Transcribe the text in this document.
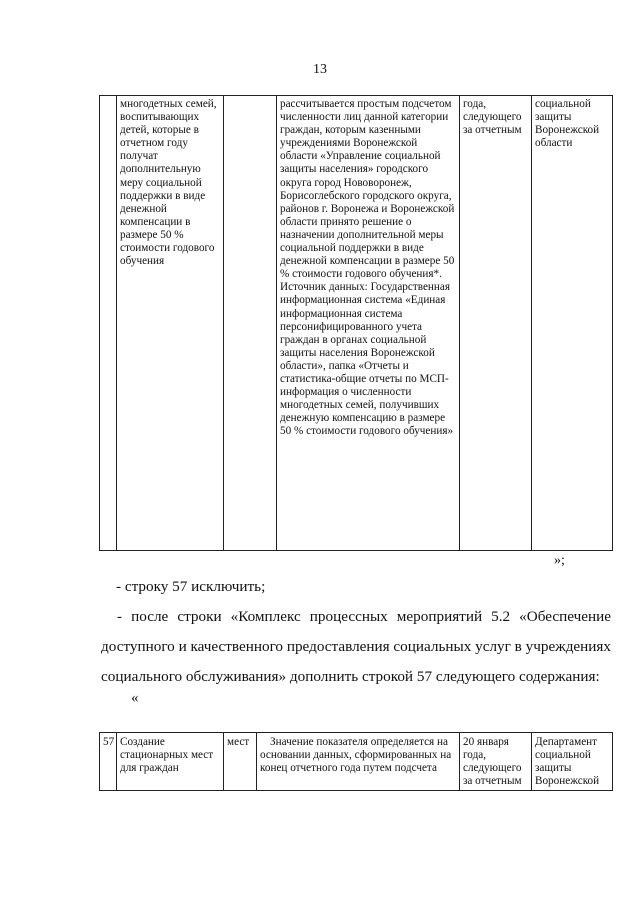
13
	многодетных семей, воспитывающих детей, которые в отчетном году получат дополнительную меру социальной поддержки в виде денежной компенсации в размере 50 % стоимости годового обучения		рассчитывается простым подсчетом численности лиц данной категории граждан, которым казенными учреждениями Воронежской области «Управление социальной защиты населения» городского округа город Нововоронеж, Борисоглебского городского округа, районов г. Воронежа и Воронежской области принято решение о назначении дополнительной меры социальной поддержки в виде денежной компенсации в размере 50 % стоимости годового обучения*.
Источник данных: Государственная информационная система «Единая информационная система персонифицированного учета граждан в органах социальной защиты населения Воронежской области», папка «Отчеты и статистика-общие отчеты по МСП-информация о численности многодетных семей, получивших денежную компенсацию в размере 50 % стоимости годового обучения»	года, следующего за отчетным	социальной защиты Воронежской области
»;
- строку 57 исключить;
- после строки «Комплекс процессных мероприятий 5.2 «Обеспечение доступного и качественного предоставления социальных услуг в учреждениях социального обслуживания» дополнить строкой 57 следующего содержания:
«
57	Создание стационарных мест для граждан	мест	Значение показателя определяется на основании данных, сформированных на конец отчетного года путем подсчета	20 января года, следующего за отчетным	Департамент социальной защиты Воронежской
